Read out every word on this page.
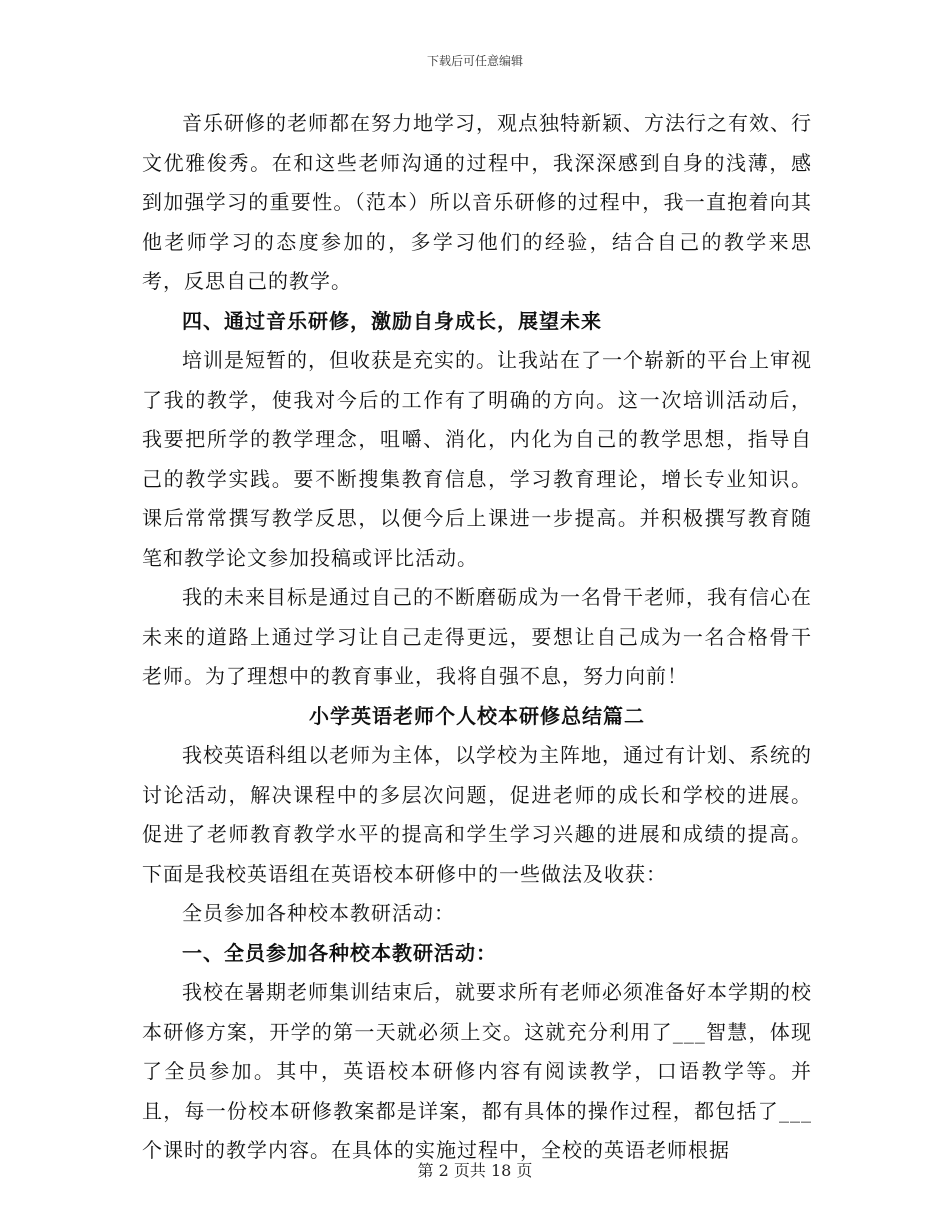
下载后可任意编辑

音乐研修的老师都在努力地学习，观点独特新颖、方法行之有效、行文优雅俊秀。在和这些老师沟通的过程中，我深深感到自身的浅薄，感到加强学习的重要性。（范本）所以音乐研修的过程中，我一直抱着向其他老师学习的态度参加的，多学习他们的经验，结合自己的教学来思考，反思自己的教学。

四、通过音乐研修，激励自身成长，展望未来

培训是短暂的，但收获是充实的。让我站在了一个崭新的平台上审视了我的教学，使我对今后的工作有了明确的方向。这一次培训活动后，我要把所学的教学理念，咀嚼、消化，内化为自己的教学思想，指导自己的教学实践。要不断搜集教育信息，学习教育理论，增长专业知识。课后常常撰写教学反思，以便今后上课进一步提高。并积极撰写教育随笔和教学论文参加投稿或评比活动。

我的未来目标是通过自己的不断磨砺成为一名骨干老师，我有信心在未来的道路上通过学习让自己走得更远，要想让自己成为一名合格骨干老师。为了理想中的教育事业，我将自强不息，努力向前！

小学英语老师个人校本研修总结篇二

我校英语科组以老师为主体，以学校为主阵地，通过有计划、系统的讨论活动，解决课程中的多层次问题，促进老师的成长和学校的进展。促进了老师教育教学水平的提高和学生学习兴趣的进展和成绩的提高。下面是我校英语组在英语校本研修中的一些做法及收获：

全员参加各种校本教研活动：

一、全员参加各种校本教研活动：

我校在暑期老师集训结束后，就要求所有老师必须准备好本学期的校本研修方案，开学的第一天就必须上交。这就充分利用了___智慧，体现了全员参加。其中，英语校本研修内容有阅读教学，口语教学等。并且，每一份校本研修教案都是详案，都有具体的操作过程，都包括了___个课时的教学内容。在具体的实施过程中，全校的英语老师根据

第 2 页共 18 页
